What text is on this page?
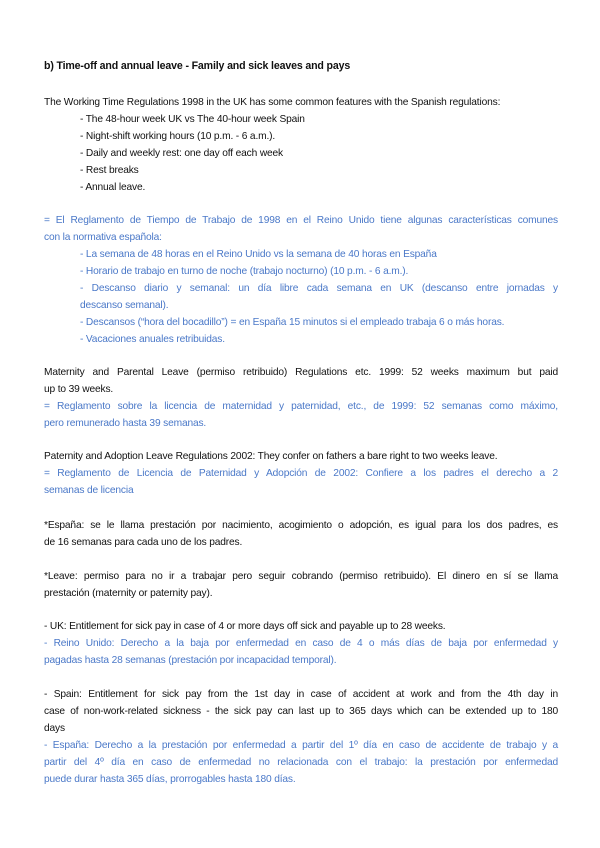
b) Time-off and annual leave - Family and sick leaves and pays
The Working Time Regulations 1998 in the UK has some common features with the Spanish regulations:
- The 48-hour week UK vs The 40-hour week Spain
- Night-shift working hours (10 p.m. - 6 a.m.).
- Daily and weekly rest: one day off each week
- Rest breaks
- Annual leave.
= El Reglamento de Tiempo de Trabajo de 1998 en el Reino Unido tiene algunas características comunes
con la normativa española:
- La semana de 48 horas en el Reino Unido vs la semana de 40 horas en España
- Horario de trabajo en turno de noche (trabajo nocturno) (10 p.m. - 6 a.m.).
- Descanso diario y semanal: un día libre cada semana en UK (descanso entre jornadas y
descanso semanal).
- Descansos (“hora del bocadillo”) = en España 15 minutos si el empleado trabaja 6 o más horas.
- Vacaciones anuales retribuidas.
Maternity and Parental Leave (permiso retribuido) Regulations etc. 1999: 52 weeks maximum but paid
up to 39 weeks.
= Reglamento sobre la licencia de maternidad y paternidad, etc., de 1999: 52 semanas como máximo,
pero remunerado hasta 39 semanas.
Paternity and Adoption Leave Regulations 2002: They confer on fathers a bare right to two weeks leave.
= Reglamento de Licencia de Paternidad y Adopción de 2002: Confiere a los padres el derecho a 2
semanas de licencia
*España: se le llama prestación por nacimiento, acogimiento o adopción, es igual para los dos padres, es
de 16 semanas para cada uno de los padres.
*Leave: permiso para no ir a trabajar pero seguir cobrando (permiso retribuido). El dinero en sí se llama
prestación (maternity or paternity pay).
- UK: Entitlement for sick pay in case of 4 or more days off sick and payable up to 28 weeks.
- Reino Unido: Derecho a la baja por enfermedad en caso de 4 o más días de baja por enfermedad y
pagadas hasta 28 semanas (prestación por incapacidad temporal).
- Spain: Entitlement for sick pay from the 1st day in case of accident at work and from the 4th day in
case of non-work-related sickness - the sick pay can last up to 365 days which can be extended up to 180
days
- España: Derecho a la prestación por enfermedad a partir del 1º día en caso de accidente de trabajo y a
partir del 4º día en caso de enfermedad no relacionada con el trabajo: la prestación por enfermedad
puede durar hasta 365 días, prorrogables hasta 180 días.
